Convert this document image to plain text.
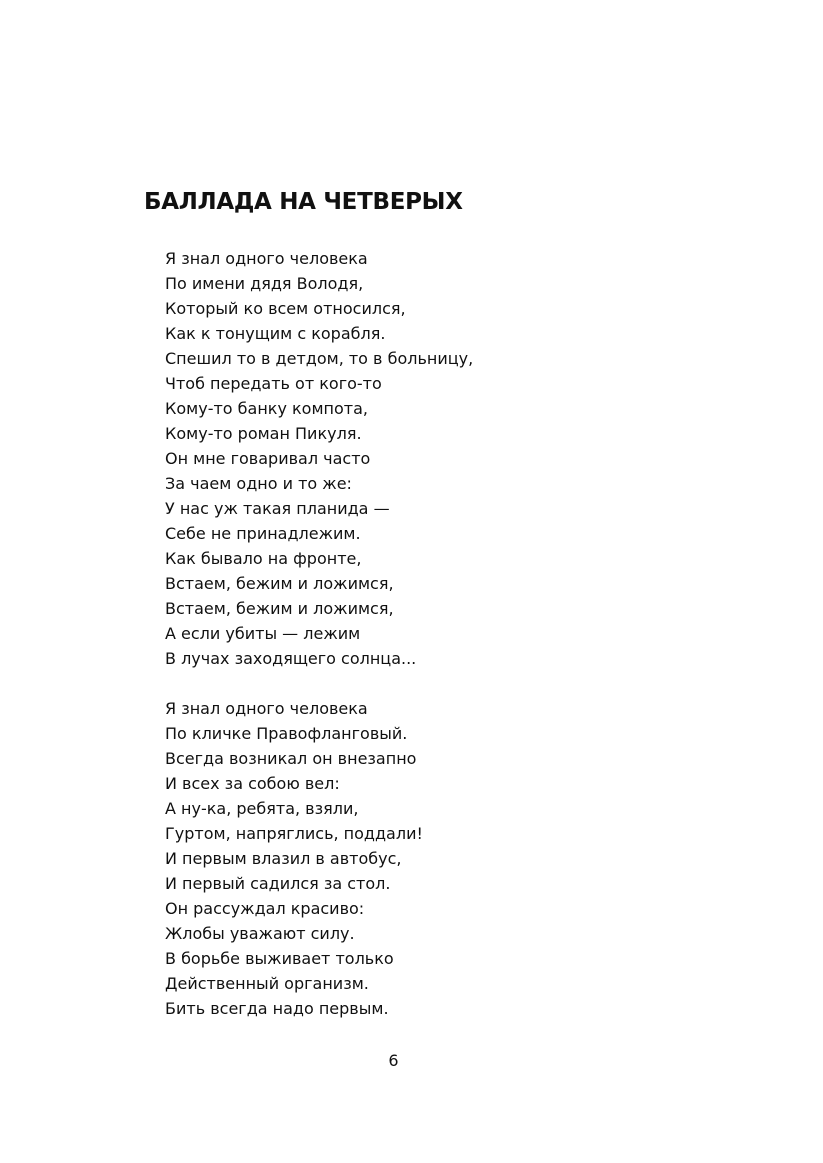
БАЛЛАДА НА ЧЕТВЕРЫХ
Я знал одного человека
По имени дядя Володя,
Который ко всем относился,
Как к тонущим с корабля.
Спешил то в детдом, то в больницу,
Чтоб передать от кого-то
Кому-то банку компота,
Кому-то роман Пикуля.
Он мне говаривал часто
За чаем одно и то же:
У нас уж такая планида —
Себе не принадлежим.
Как бывало на фронте,
Встаем, бежим и ложимся,
Встаем, бежим и ложимся,
А если убиты — лежим
В лучах заходящего солнца...
Я знал одного человека
По кличке Правофланговый.
Всегда возникал он внезапно
И всех за собою вел:
А ну-ка, ребята, взяли,
Гуртом, напряглись, поддали!
И первым влазил в автобус,
И первый садился за стол.
Он рассуждал красиво:
Жлобы уважают силу.
В борьбе выживает только
Действенный организм.
Бить всегда надо первым.
6
